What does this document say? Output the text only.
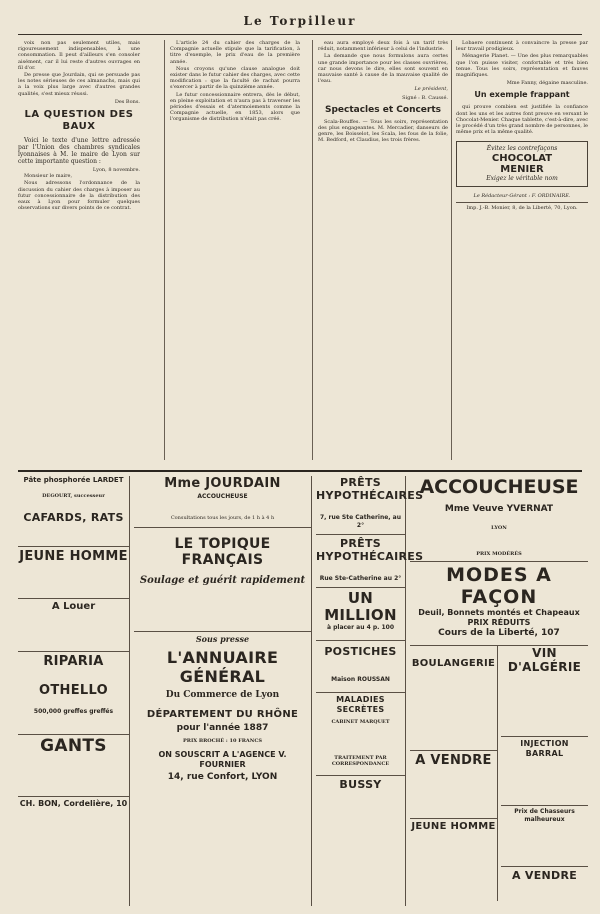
Le Torpilleur

voix non pas seulement utiles, mais rigoureusement indispensables, à une consommation. Il peut d'ailleurs s'en consoler aisément, car il lui reste d'autres ouvrages en fil d'or.

De presse que Jourdain, qui se persuade pas les notes sérieuses de ces almanachs, mais qui a la voix plus large avec d'autres grandes qualités, s'est mieux réussi.

Des Bons.

LA QUESTION DES BAUX

Voici le texte d'une lettre adressée par l'Union des chambres syndicales lyonnaises à M. le maire de Lyon sur cette importante question :

Lyon, 8 novembre.

Monsieur le maire,

Nous adressons l'ordonnance de la discussion du cahier des charges à imposer au futur concessionnaire de la distribution des eaux à Lyon pour formuler quelques observations sur divers points de ce contrat.

L'article 24 du cahier des charges de la Compagnie actuelle stipule que la tarification, à titre d'exemple, le prix d'eau de la première année.

Nous croyons qu'une clause analogue doit exister dans le futur cahier des charges, avec cette modification : que la faculté de rachat pourra s'exercer à partir de la quinzième année.

Le futur concessionnaire entrera, dès le début, en pleine exploitation et n'aura pas à traverser les périodes d'essais et d'atermoiements comme la Compagnie actuelle, en 1853, alors que l'organisme de distribution n'était pas créé.

eau aura employé deux fois à un tarif très réduit, notamment inférieur à celui de l'industrie.

La demande que nous formulons aura certes une grande importance pour les classes ouvrières, car nous devons le dire, elles sont souvent en mauvaise santé à cause de la mauvaise qualité de l'eau.

Le président,

Signé : B. Caussé.

Spectacles et Concerts

Scala-Bouffes. — Tous les soirs, représentation des plus engageantes. M. Mercadier, danseurs de genre, les Boisselot, les Scala, les fous de la folie, M. Bedford, et Claudius, les trois frères.

Lobaere continuent à convaincre la presse par leur travail prodigieux.

Ménagerie Planet. — Une des plus remarquables que l'on puisse visiter, confortable et très bien tenue. Tous les soirs, représentation et fauves magnifiques.

Mme Fanny, dégaine masculine.

Un exemple frappant

qui prouve combien est justifiée la confiance dont les uns et les autres font preuve en versant le Chocolat-Menier. Chaque tablette, c'est-à-dire, avec le procédé d'un très grand nombre de personnes, le même prix et la même qualité.

Évitez les contrefaçons
CHOCOLAT
MENIER
Exigez le véritable nom

Le Rédacteur-Gérant : F. ORDINAIRE.

Imp. J.-B. Monier, 8, de la Liberté, 70, Lyon.

Pâte phosphorée LARDET
DEGOURT, successeur
CAFARDS, RATS
JEUNE HOMME
A Louer
RIPARIA
OTHELLO
500,000 greffes greffés
GANTS
CH. BON, Cordelière, 10
Mme JOURDAIN
ACCOUCHEUSE
Consultations tous les jours, de 1 h à 4 h
LE TOPIQUE FRANÇAIS
Soulage et guérit rapidement
Sous presse
L'ANNUAIRE GÉNÉRAL
Du Commerce de Lyon
DÉPARTEMENT DU RHÔNE
pour l'année 1887
PRIX BROCHÉ : 10 FRANCS
ON SOUSCRIT A L'AGENCE V. FOURNIER
14, rue Confort, LYON
PRÊTS
HYPOTHÉCAIRES
7, rue Ste Catherine, au 2°
PRÊTS
HYPOTHÉCAIRES
Rue Ste-Catherine au 2°
UN MILLION
à placer au 4 p. 100
POSTICHES
Maison ROUSSAN
MALADIES SECRÈTES
CABINET MARQUET
TRAITEMENT PAR CORRESPONDANCE
BUSSY
ACCOUCHEUSE
Mme Veuve YVERNAT
LYON
PRIX MODÉRÉS
MODES A FAÇON
Deuil, Bonnets montés et Chapeaux
PRIX RÉDUITS
Cours de la Liberté, 107
BOULANGERIE
A VENDRE
JEUNE HOMME
VIN D'ALGÉRIE
INJECTION BARRAL
Prix de Chasseurs malheureux
A VENDRE
